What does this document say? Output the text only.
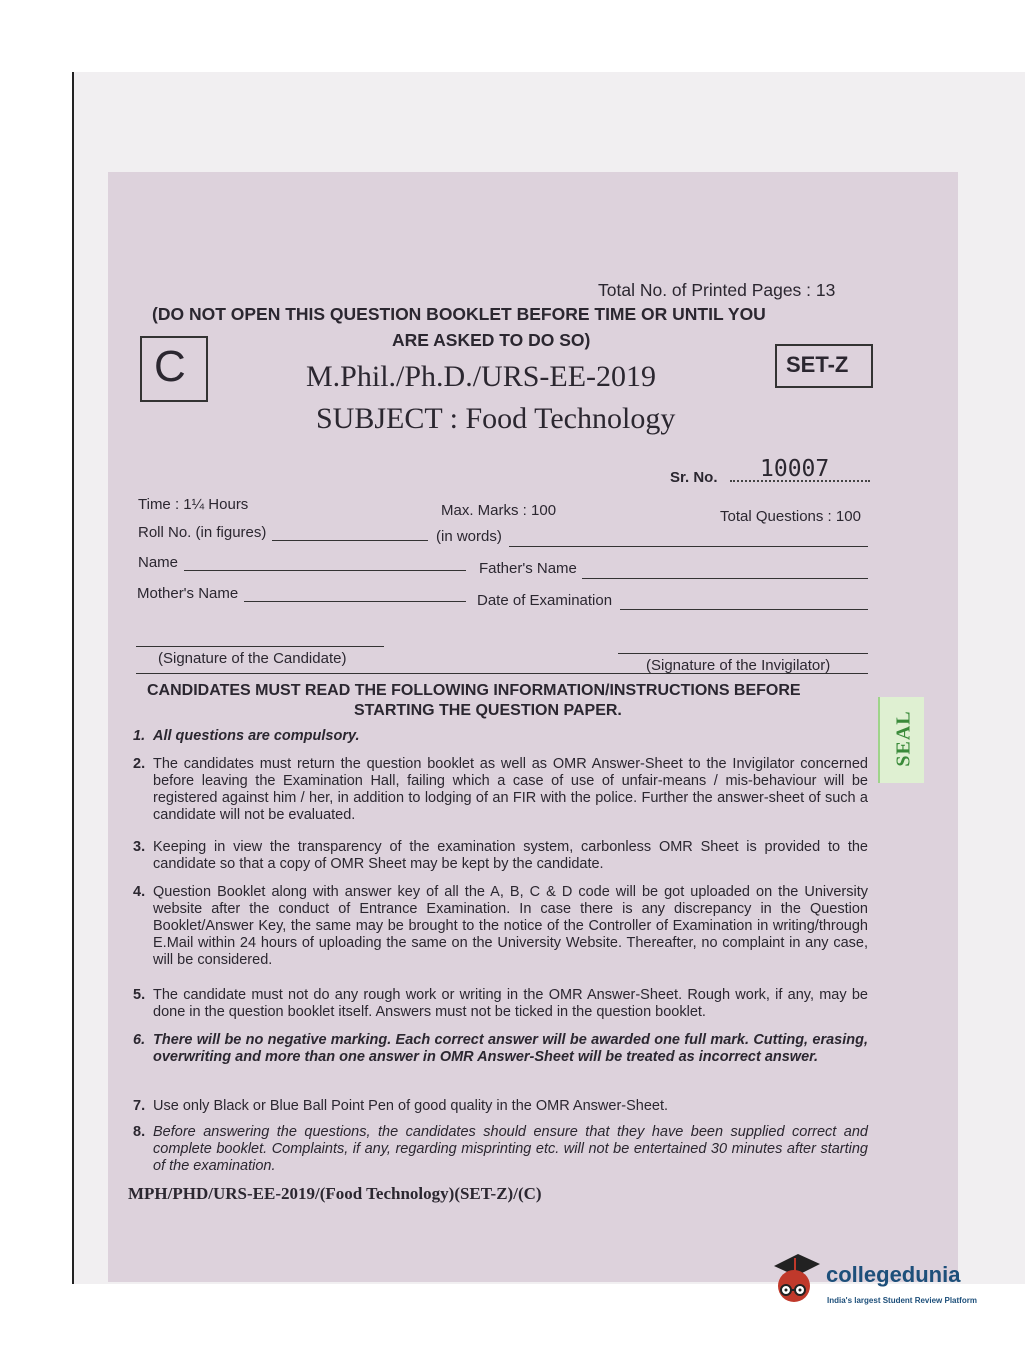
Total No. of Printed Pages : 13
(DO NOT OPEN THIS QUESTION BOOKLET BEFORE TIME OR UNTIL YOU
ARE ASKED TO DO SO)
C	SET-Z
M.Phil./Ph.D./URS-EE-2019
SUBJECT : Food Technology
Sr. No. 10007
Time : 1¼ Hours	Max. Marks : 100	Total Questions : 100
Roll No. (in figures)	(in words)
Name	Father's Name
Mother's Name	Date of Examination
(Signature of the Candidate)	(Signature of the Invigilator)
CANDIDATES MUST READ THE FOLLOWING INFORMATION/INSTRUCTIONS BEFORE
STARTING THE QUESTION PAPER.
1. All questions are compulsory.
2. The candidates must return the question booklet as well as OMR Answer-Sheet to the Invigilator concerned before leaving the Examination Hall, failing which a case of use of unfair-means / mis-behaviour will be registered against him / her, in addition to lodging of an FIR with the police. Further the answer-sheet of such a candidate will not be evaluated.
3. Keeping in view the transparency of the examination system, carbonless OMR Sheet is provided to the candidate so that a copy of OMR Sheet may be kept by the candidate.
4. Question Booklet along with answer key of all the A, B, C & D code will be got uploaded on the University website after the conduct of Entrance Examination. In case there is any discrepancy in the Question Booklet/Answer Key, the same may be brought to the notice of the Controller of Examination in writing/through E.Mail within 24 hours of uploading the same on the University Website. Thereafter, no complaint in any case, will be considered.
5. The candidate must not do any rough work or writing in the OMR Answer-Sheet. Rough work, if any, may be done in the question booklet itself. Answers must not be ticked in the question booklet.
6. There will be no negative marking. Each correct answer will be awarded one full mark. Cutting, erasing, overwriting and more than one answer in OMR Answer-Sheet will be treated as incorrect answer.
7. Use only Black or Blue Ball Point Pen of good quality in the OMR Answer-Sheet.
8. Before answering the questions, the candidates should ensure that they have been supplied correct and complete booklet. Complaints, if any, regarding misprinting etc. will not be entertained 30 minutes after starting of the examination.
MPH/PHD/URS-EE-2019/(Food Technology)(SET-Z)/(C)
SEAL
collegedunia
India's largest Student Review Platform
